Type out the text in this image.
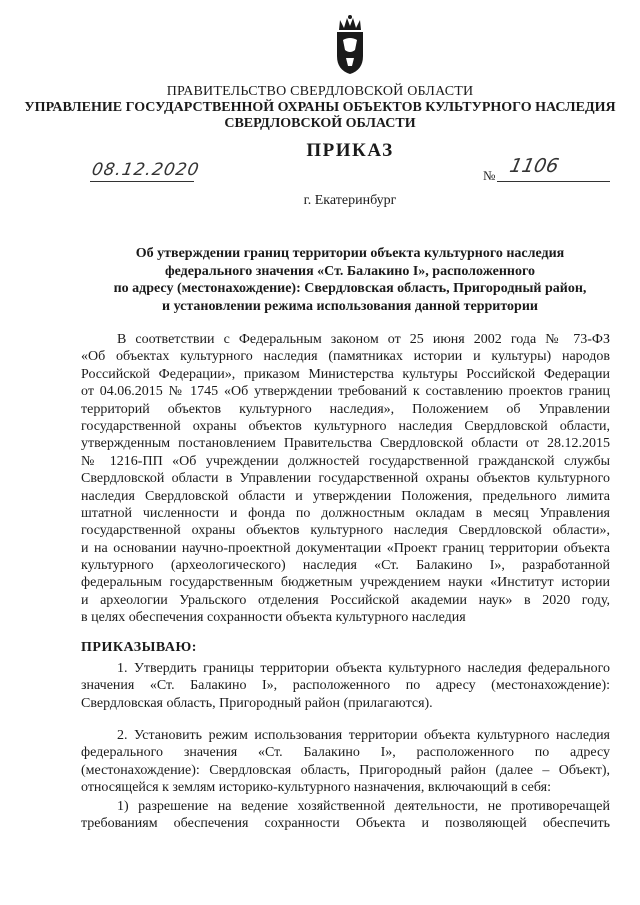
ПРАВИТЕЛЬСТВО СВЕРДЛОВСКОЙ ОБЛАСТИ
УПРАВЛЕНИЕ ГОСУДАРСТВЕННОЙ ОХРАНЫ ОБЪЕКТОВ КУЛЬТУРНОГО НАСЛЕДИЯ
СВЕРДЛОВСКОЙ ОБЛАСТИ
ПРИКАЗ
08.12.2020	№ 1106
г. Екатеринбург
Об утверждении границ территории объекта культурного наследия
федерального значения «Ст. Балакино I», расположенного
по адресу (местонахождение): Свердловская область, Пригородный район,
и установлении режима использования данной территории
В соответствии с Федеральным законом от 25 июня 2002 года № 73-ФЗ
«Об объектах культурного наследия (памятниках истории и культуры) народов
Российской Федерации», приказом Министерства культуры Российской Федерации
от 04.06.2015 № 1745 «Об утверждении требований к составлению проектов границ
территорий объектов культурного наследия», Положением об Управлении
государственной охраны объектов культурного наследия Свердловской области,
утвержденным постановлением Правительства Свердловской области от 28.12.2015
№ 1216-ПП «Об учреждении должностей государственной гражданской службы
Свердловской области в Управлении государственной охраны объектов культурного
наследия Свердловской области и утверждении Положения, предельного лимита
штатной численности и фонда по должностным окладам в месяц Управления
государственной охраны объектов культурного наследия Свердловской области»,
и на основании научно-проектной документации «Проект границ территории объекта
культурного (археологического) наследия «Ст. Балакино I», разработанной
федеральным государственным бюджетным учреждением науки «Институт истории
и археологии Уральского отделения Российской академии наук» в 2020 году,
в целях обеспечения сохранности объекта культурного наследия
ПРИКАЗЫВАЮ:
1. Утвердить границы территории объекта культурного наследия федерального
значения «Ст. Балакино I», расположенного по адресу (местонахождение):
Свердловская область, Пригородный район (прилагаются).
2. Установить режим использования территории объекта культурного наследия
федерального значения «Ст. Балакино I», расположенного по адресу
(местонахождение): Свердловская область, Пригородный район (далее – Объект),
относящейся к землям историко-культурного назначения, включающий в себя:
1) разрешение на ведение хозяйственной деятельности, не противоречащей
требованиям обеспечения сохранности Объекта и позволяющей обеспечить
